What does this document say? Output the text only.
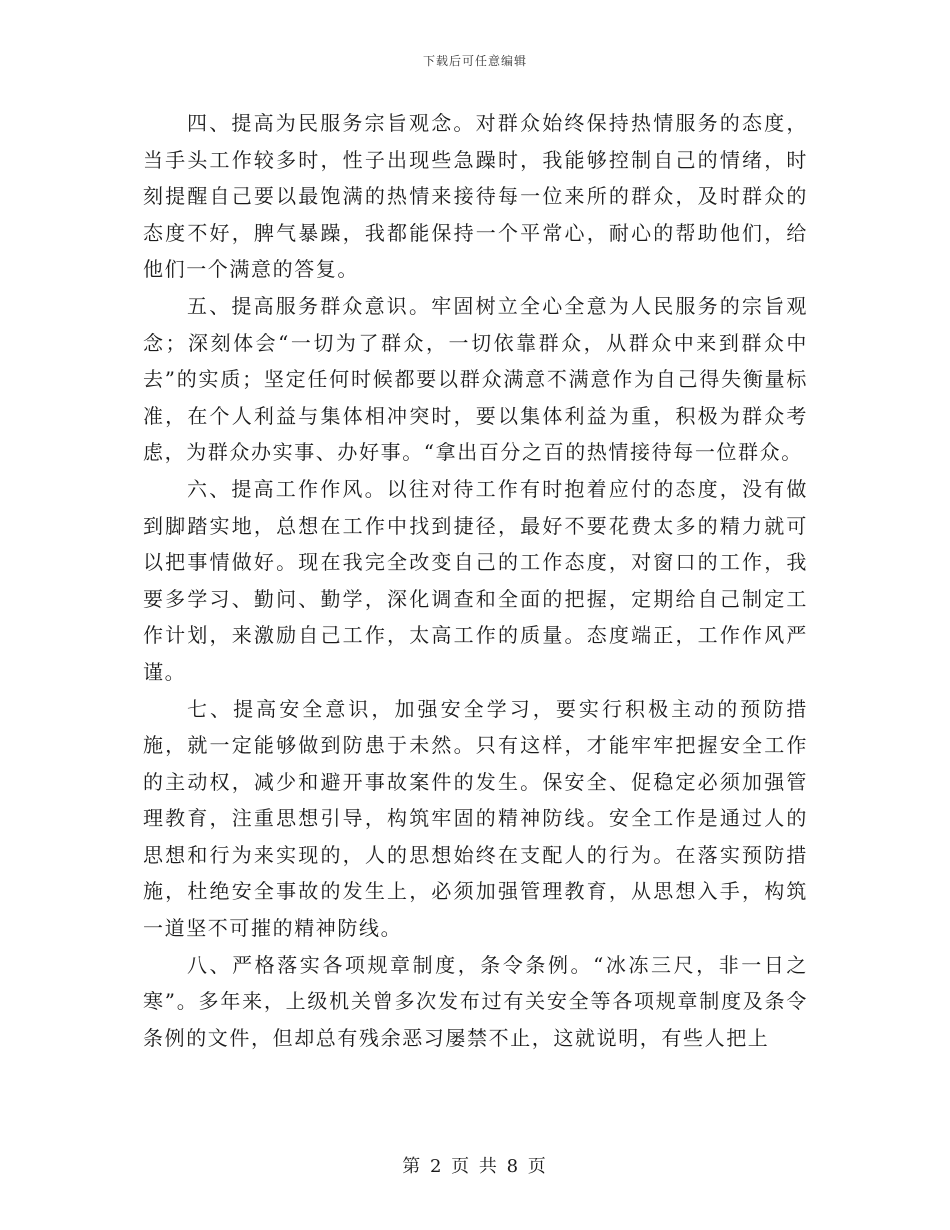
下载后可任意编辑

四、提高为民服务宗旨观念。对群众始终保持热情服务的态度，当手头工作较多时，性子出现些急躁时，我能够控制自己的情绪，时刻提醒自己要以最饱满的热情来接待每一位来所的群众，及时群众的态度不好，脾气暴躁，我都能保持一个平常心，耐心的帮助他们，给他们一个满意的答复。

五、提高服务群众意识。牢固树立全心全意为人民服务的宗旨观念；深刻体会“一切为了群众，一切依靠群众，从群众中来到群众中去”的实质；坚定任何时候都要以群众满意不满意作为自己得失衡量标准，在个人利益与集体相冲突时，要以集体利益为重，积极为群众考虑，为群众办实事、办好事。“拿出百分之百的热情接待每一位群众。

六、提高工作作风。以往对待工作有时抱着应付的态度，没有做到脚踏实地，总想在工作中找到捷径，最好不要花费太多的精力就可以把事情做好。现在我完全改变自己的工作态度，对窗口的工作，我要多学习、勤问、勤学，深化调查和全面的把握，定期给自己制定工作计划，来激励自己工作，太高工作的质量。态度端正，工作作风严谨。

七、提高安全意识，加强安全学习，要实行积极主动的预防措施，就一定能够做到防患于未然。只有这样，才能牢牢把握安全工作的主动权，减少和避开事故案件的发生。保安全、促稳定必须加强管理教育，注重思想引导，构筑牢固的精神防线。安全工作是通过人的思想和行为来实现的，人的思想始终在支配人的行为。在落实预防措施，杜绝安全事故的发生上，必须加强管理教育，从思想入手，构筑一道坚不可摧的精神防线。

八、严格落实各项规章制度，条令条例。“冰冻三尺，非一日之寒”。多年来，上级机关曾多次发布过有关安全等各项规章制度及条令条例的文件，但却总有残余恶习屡禁不止，这就说明，有些人把上

第 2 页 共 8 页
